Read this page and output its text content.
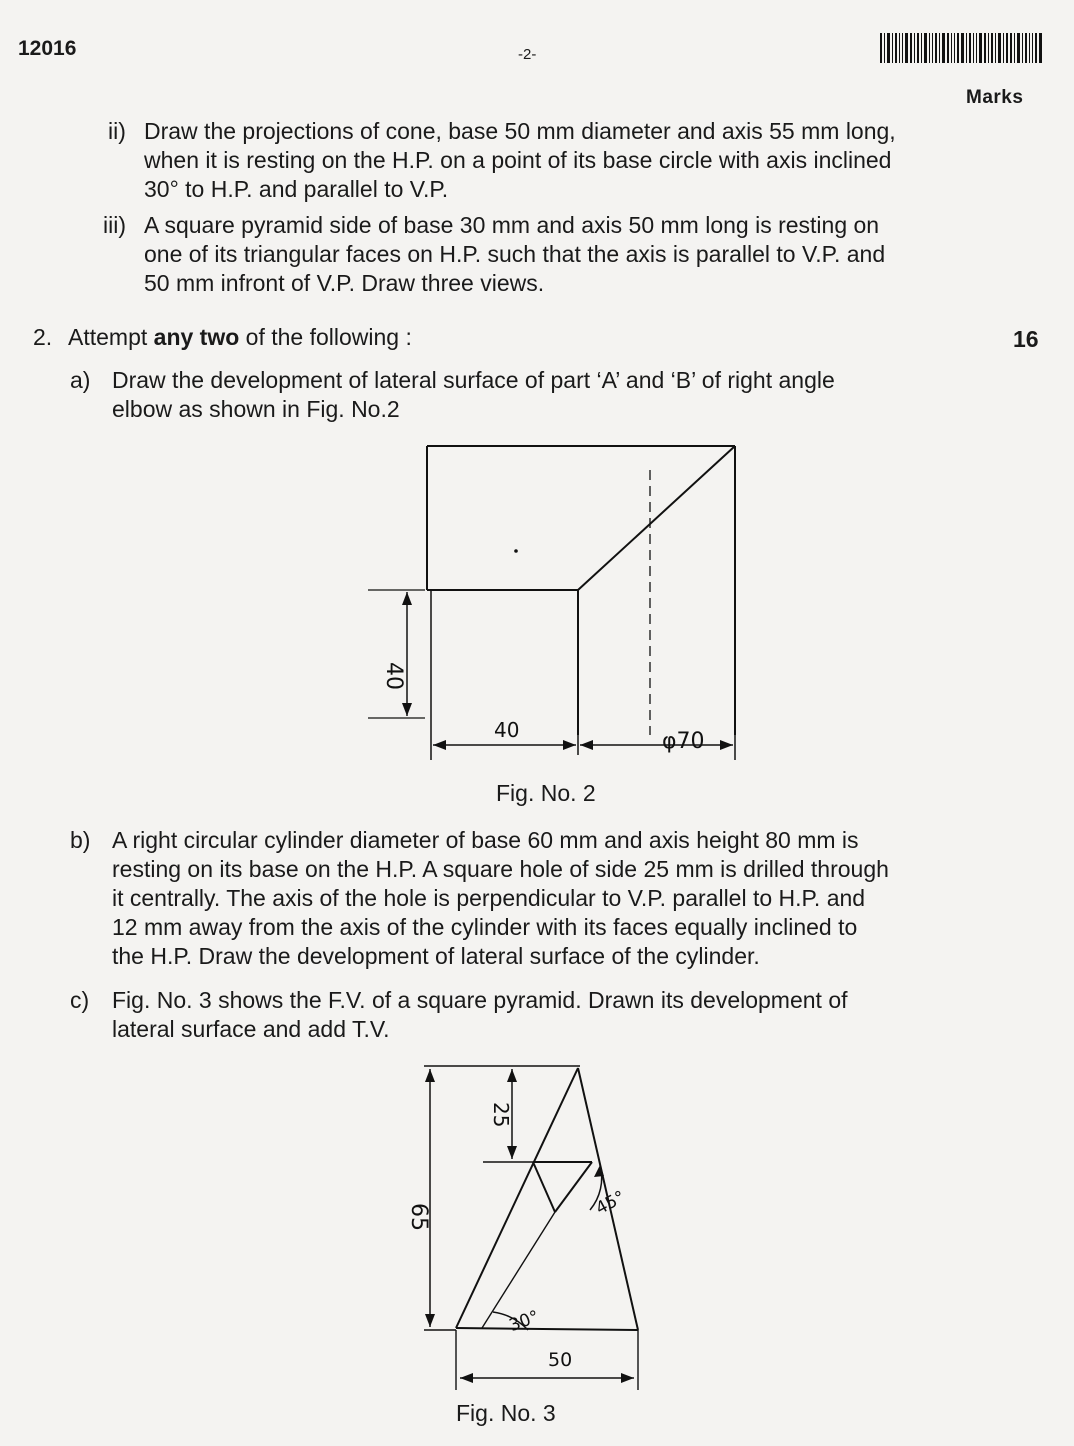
12016	-2-
Marks
ii) Draw the projections of cone, base 50 mm diameter and axis 55 mm long,
when it is resting on the H.P. on a point of its base circle with axis inclined
30° to H.P. and parallel to V.P.
iii) A square pyramid side of base 30 mm and axis 50 mm long is resting on
one of its triangular faces on H.P. such that the axis is parallel to V.P. and
50 mm infront of V.P. Draw three views.
2. Attempt any two of the following :	16
a) Draw the development of lateral surface of part ‘A’ and ‘B’ of right angle
elbow as shown in Fig. No.2
40
40	φ70
Fig. No. 2
b) A right circular cylinder diameter of base 60 mm and axis height 80 mm is
resting on its base on the H.P. A square hole of side 25 mm is drilled through
it centrally. The axis of the hole is perpendicular to V.P. parallel to H.P. and
12 mm away from the axis of the cylinder with its faces equally inclined to
the H.P. Draw the development of lateral surface of the cylinder.
c) Fig. No. 3 shows the F.V. of a square pyramid. Drawn its development of
lateral surface and add T.V.
65
25
45°
30°
50
Fig. No. 3
